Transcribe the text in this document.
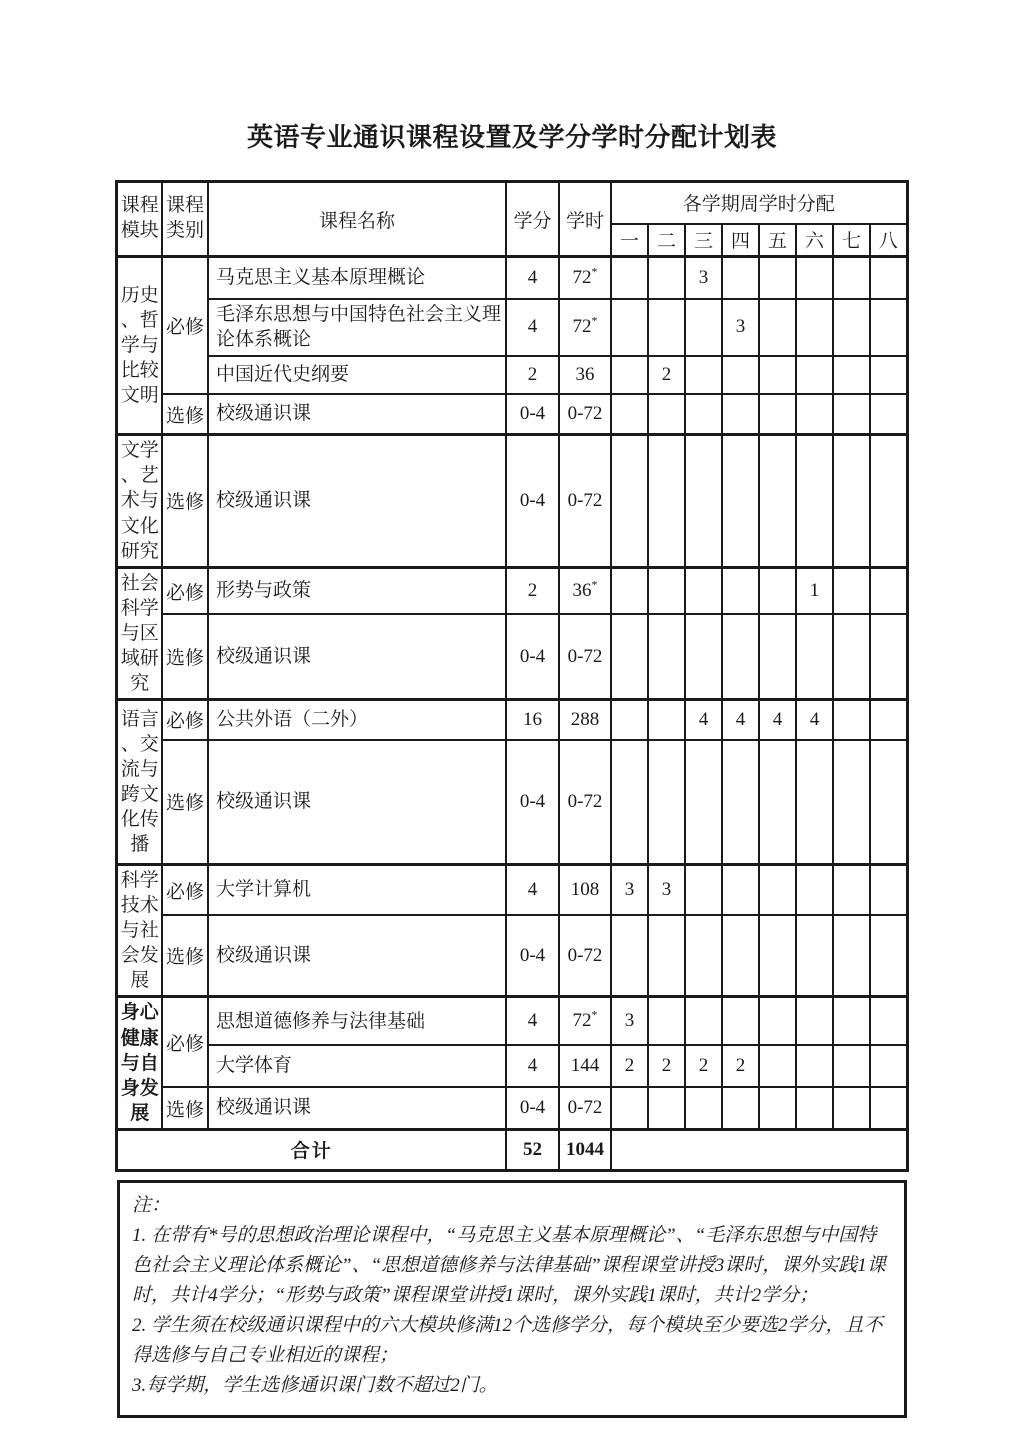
英语专业通识课程设置及学分学时分配计划表
课程模块	课程类别	课程名称	学分	学时	各学期周学时分配							
					一	二	三	四	五	六	七	八
历史、哲学与比较文明	必修	马克思主义基本原理概论	4	72*			3					
		毛泽东思想与中国特色社会主义理论体系概论	4	72*				3				
		中国近代史纲要	2	36		2						
	选修	校级通识课	0-4	0-72								
文学、艺术与文化研究	选修	校级通识课	0-4	0-72								
社会科学与区域研究	必修	形势与政策	2	36*						1		
	选修	校级通识课	0-4	0-72								
语言、交流与跨文化传播	必修	公共外语（二外）	16	288			4	4	4	4		
	选修	校级通识课	0-4	0-72								
科学技术与社会发展	必修	大学计算机	4	108	3	3						
	选修	校级通识课	0-4	0-72								
身心健康与自身发展	必修	思想道德修养与法律基础	4	72*	3							
		大学体育	4	144	2	2	2	2				
	选修	校级通识课	0-4	0-72								
合计			52	1044								

注：

1. 在带有*号的思想政治理论课程中，“马克思主义基本原理概论”、“毛泽东思想与中国特色社会主义理论体系概论”、“思想道德修养与法律基础”课程课堂讲授3课时，课外实践1课时，共计4学分；“形势与政策”课程课堂讲授1课时，课外实践1课时，共计2学分；

2. 学生须在校级通识课程中的六大模块修满12个选修学分，每个模块至少要选2学分，且不得选修与自己专业相近的课程；

3.每学期，学生选修通识课门数不超过2门。
